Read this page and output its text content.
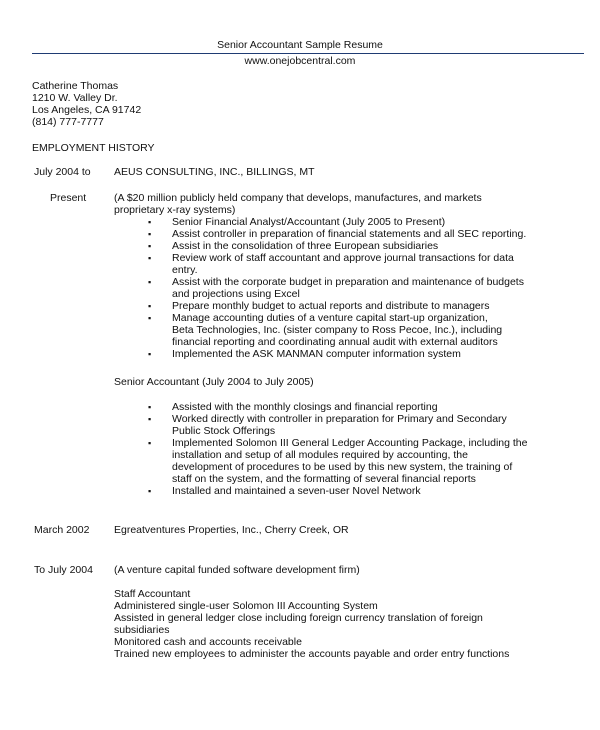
Senior Accountant Sample Resume
www.onejobcentral.com
Catherine Thomas
1210 W. Valley Dr.
Los Angeles, CA 91742
(814) 777-7777
EMPLOYMENT HISTORY
July 2004 to AEUS CONSULTING, INC., BILLINGS, MT
Present	(A $20 million publicly held company that develops, manufactures, and markets
proprietary x-ray systems)
▪ Senior Financial Analyst/Accountant (July 2005 to Present)
▪ Assist controller in preparation of financial statements and all SEC reporting.
▪ Assist in the consolidation of three European subsidiaries
▪ Review work of staff accountant and approve journal transactions for data
entry.
▪ Assist with the corporate budget in preparation and maintenance of budgets
and projections using Excel
▪ Prepare monthly budget to actual reports and distribute to managers
▪ Manage accounting duties of a venture capital start-up organization,
Beta Technologies, Inc. (sister company to Ross Pecoe, Inc.), including
financial reporting and coordinating annual audit with external auditors
▪ Implemented the ASK MANMAN computer information system
Senior Accountant (July 2004 to July 2005)
▪ Assisted with the monthly closings and financial reporting
▪ Worked directly with controller in preparation for Primary and Secondary
Public Stock Offerings
▪ Implemented Solomon III General Ledger Accounting Package, including the
installation and setup of all modules required by accounting, the
development of procedures to be used by this new system, the training of
staff on the system, and the formatting of several financial reports
▪ Installed and maintained a seven-user Novel Network
March 2002 Egreatventures Properties, Inc., Cherry Creek, OR
To July 2004 (A venture capital funded software development firm)
Staff Accountant
Administered single-user Solomon III Accounting System
Assisted in general ledger close including foreign currency translation of foreign
subsidiaries
Monitored cash and accounts receivable
Trained new employees to administer the accounts payable and order entry functions
